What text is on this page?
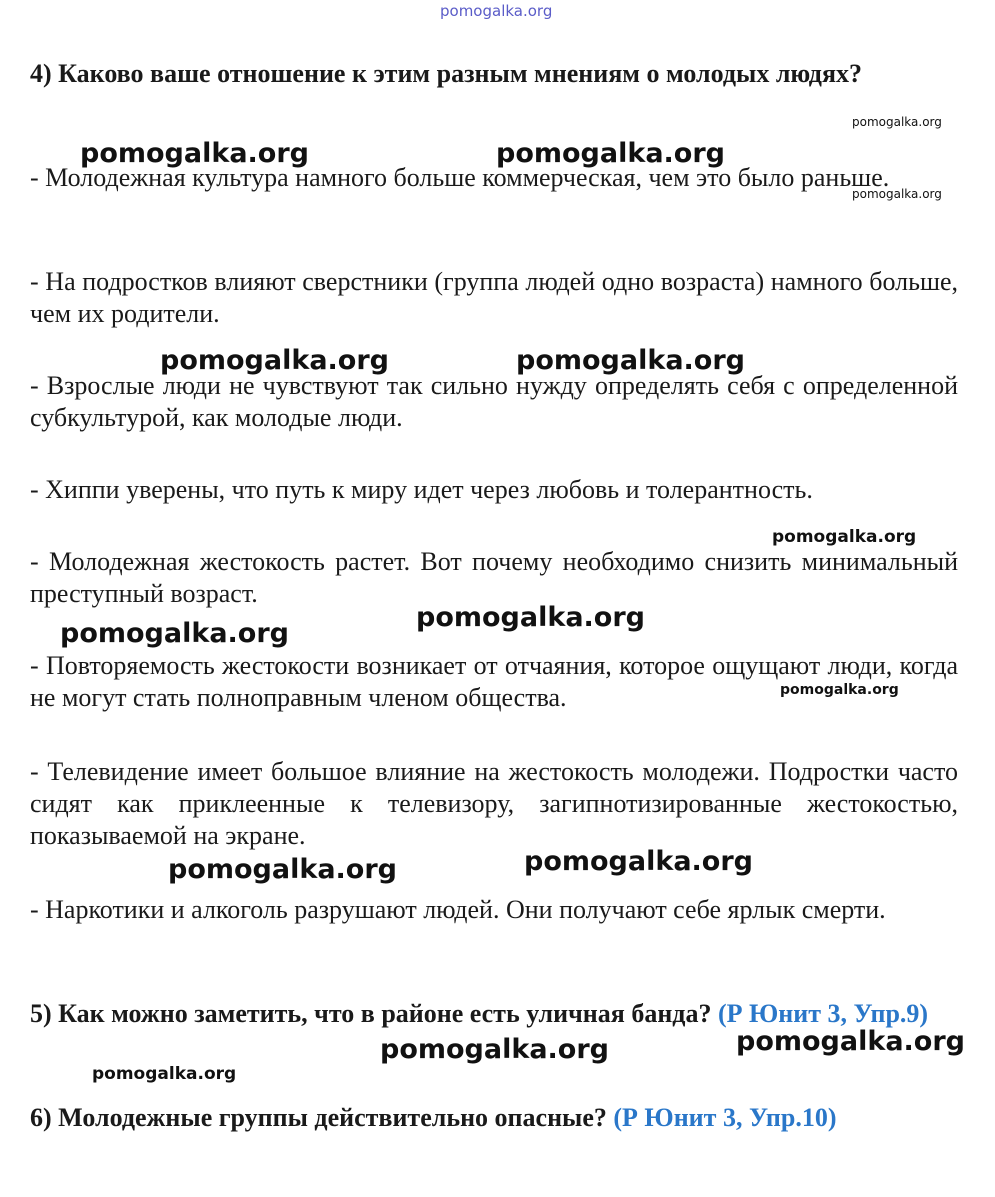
pomogalka.org

4) Каково ваше отношение к этим разным мнениям о молодых людях?

- Молодежная культура намного больше коммерческая, чем это было раньше.

- На подростков влияют сверстники (группа людей одно возраста) намного больше, чем их родители.

- Взрослые люди не чувствуют так сильно нужду определять себя с определенной субкультурой, как молодые люди.

- Хиппи уверены, что путь к миру идет через любовь и толерантность.

- Молодежная жестокость растет. Вот почему необходимо снизить минимальный преступный возраст.

- Повторяемость жестокости возникает от отчаяния, которое ощущают люди, когда не могут стать полноправным членом общества.

- Телевидение имеет большое влияние на жестокость молодежи. Подростки часто сидят как приклеенные к телевизору, загипнотизированные жестокостью, показываемой на экране.

- Наркотики и алкоголь разрушают людей. Они получают себе ярлык смерти.

5) Как можно заметить, что в районе есть уличная банда? (Р Юнит 3, Упр.9)

6) Молодежные группы действительно опасные? (Р Юнит 3, Упр.10)

pomogalka.org
pomogalka.org	pomogalka.org
pomogalka.org
pomogalka.org	pomogalka.org
pomogalka.org
pomogalka.org
pomogalka.org
pomogalka.org
pomogalka.org
pomogalka.org
pomogalka.org
pomogalka.org
pomogalka.org
